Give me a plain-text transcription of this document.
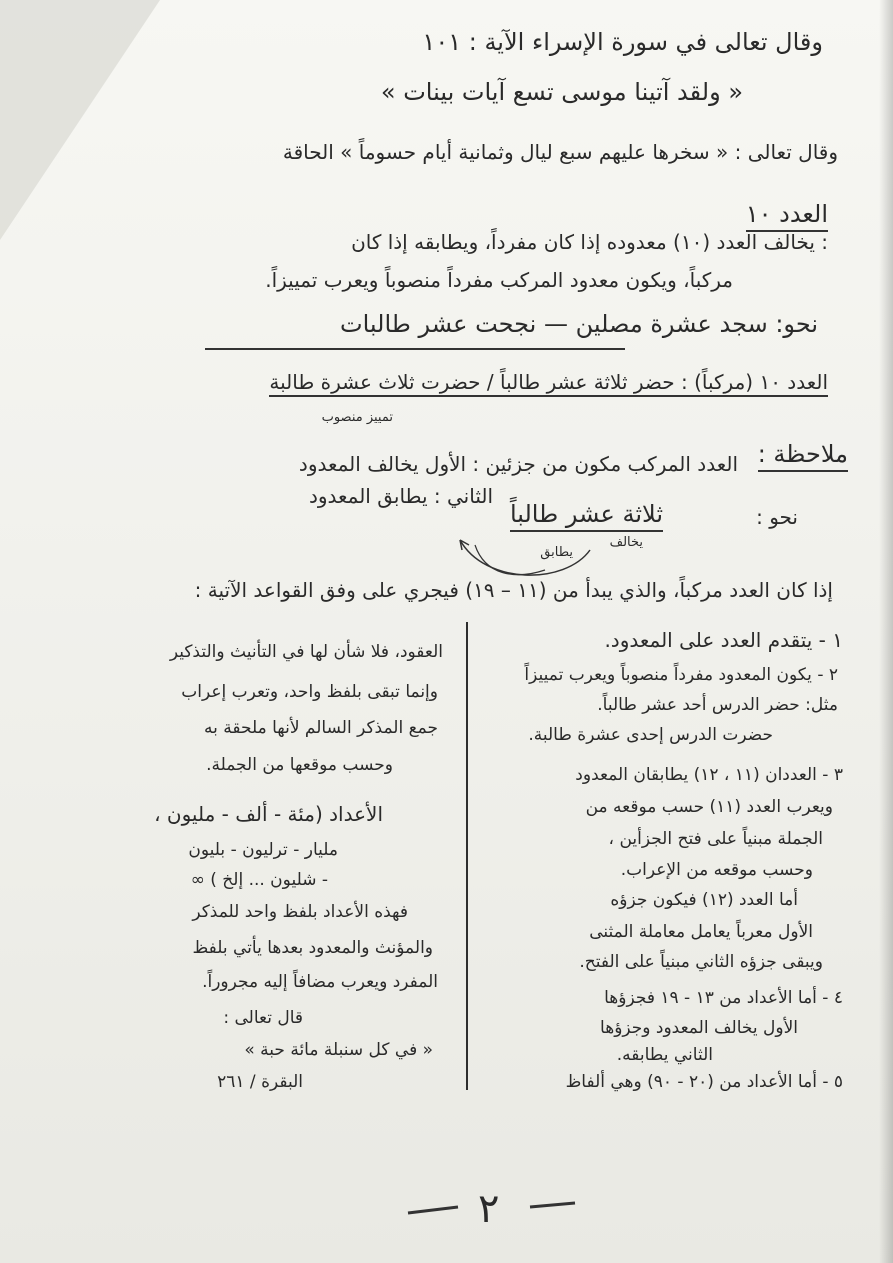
وقال تعالى في سورة الإسراء الآية : ١٠١
« ولقد آتينا موسى تسع آيات بينات »
وقال تعالى : « سخرها عليهم سبع ليال وثمانية أيام حسوماً » الحاقة
العدد ١٠
: يخالف العدد (١٠) معدوده إذا كان مفرداً، ويطابقه إذا كان
مركباً، ويكون معدود المركب مفرداً منصوباً ويعرب تمييزاً.
نحو: سجد عشرة مصلين — نجحت عشر طالبات
العدد ١٠ (مركباً) : حضر ثلاثة عشر طالباً / حضرت ثلاث عشرة طالبة
تمييز منصوب
ملاحظة :
العدد المركب مكون من جزئين : الأول يخالف المعدود
الثاني : يطابق المعدود
نحو :
ثلاثة عشر طالباً
يخالف
يطابق
إذا كان العدد مركباً، والذي يبدأ من (١١ – ١٩) فيجري على وفق القواعد الآتية :
١ - يتقدم العدد على المعدود.
٢ - يكون المعدود مفرداً منصوباً ويعرب تمييزاً
مثل: حضر الدرس أحد عشر طالباً.
حضرت الدرس إحدى عشرة طالبة.
٣ - العددان (١١ ، ١٢) يطابقان المعدود
ويعرب العدد (١١) حسب موقعه من
الجملة مبنياً على فتح الجزأين ،
وحسب موقعه من الإعراب.
أما العدد (١٢) فيكون جزؤه
الأول معرباً يعامل معاملة المثنى
ويبقى جزؤه الثاني مبنياً على الفتح.
٤ - أما الأعداد من ١٣ - ١٩ فجزؤها
الأول يخالف المعدود وجزؤها
الثاني يطابقه.
٥ - أما الأعداد من (٢٠ - ٩٠) وهي ألفاظ
العقود، فلا شأن لها في التأنيث والتذكير
وإنما تبقى بلفظ واحد، وتعرب إعراب
جمع المذكر السالم لأنها ملحقة به
وحسب موقعها من الجملة.
الأعداد (مئة - ألف - مليون ،
مليار - ترليون - بليون
- شليون ... إلخ ) ∞
فهذه الأعداد بلفظ واحد للمذكر
والمؤنث والمعدود بعدها يأتي بلفظ
المفرد ويعرب مضافاً إليه مجروراً.
قال تعالى :
« في كل سنبلة مائة حبة »
البقرة / ٢٦١
٢
